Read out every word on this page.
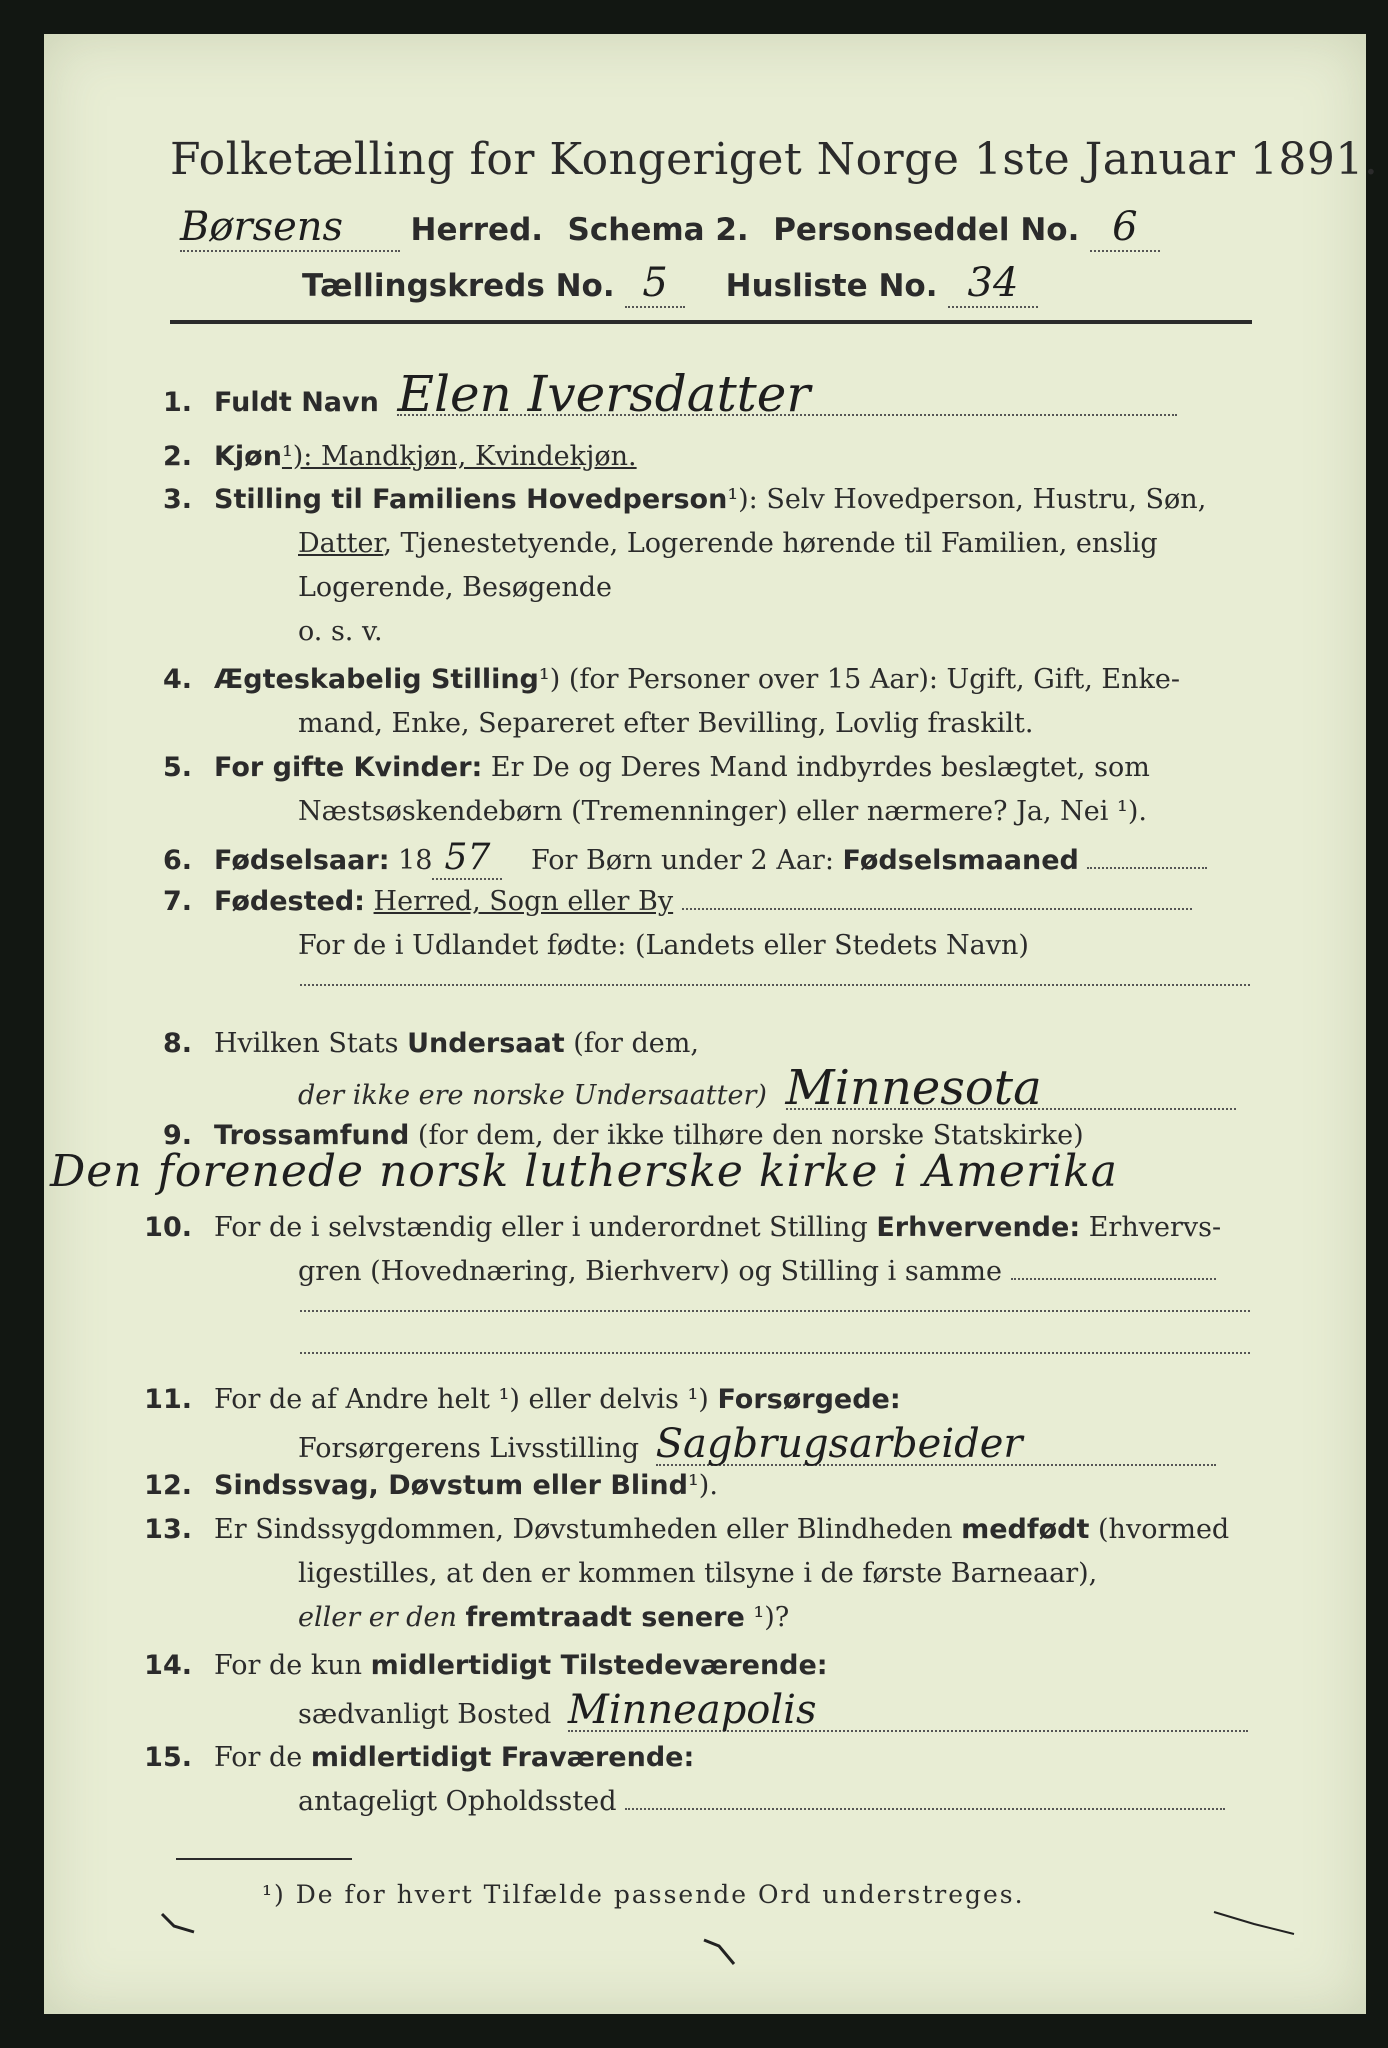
Folketælling for Kongeriget Norge 1ste Januar 1891.
Børsens Herred. Schema 2. Personseddel No. 6
Tællingskreds No. 5 Husliste No. 34
1. Fuldt Navn Elen Iversdatter
2. Kjøn¹): Mandkjøn, Kvindekjøn.
3. Stilling til Familiens Hovedperson¹): Selv Hovedperson, Hustru, Søn,
Datter, Tjenestetyende, Logerende hørende til Familien, enslig
Logerende, Besøgende
o. s. v.
4. Ægteskabelig Stilling¹) (for Personer over 15 Aar): Ugift, Gift, Enke-
mand, Enke, Separeret efter Bevilling, Lovlig fraskilt.
5. For gifte Kvinder: Er De og Deres Mand indbyrdes beslægtet, som
Næstsøskendebørn (Tremenninger) eller nærmere? Ja, Nei ¹).
6. Fødselsaar: 18 57 For Børn under 2 Aar: Fødselsmaaned
7. Fødested: Herred, Sogn eller By
For de i Udlandet fødte: (Landets eller Stedets Navn)
8. Hvilken Stats Undersaat (for dem,
der ikke ere norske Undersaatter) Minnesota
9. Trossamfund (for dem, der ikke tilhøre den norske Statskirke)
Den forenede norsk lutherske kirke i Amerika
10. For de i selvstændig eller i underordnet Stilling Erhvervende: Erhvervs-
gren (Hovednæring, Bierhverv) og Stilling i samme
11. For de af Andre helt ¹) eller delvis ¹) Forsørgede:
Forsørgerens Livsstilling Sagbrugsarbeider
12. Sindssvag, Døvstum eller Blind¹).
13. Er Sindssygdommen, Døvstumheden eller Blindheden medfødt (hvormed
ligestilles, at den er kommen tilsyne i de første Barneaar),
eller er den fremtraadt senere ¹)?
14. For de kun midlertidigt Tilstedeværende:
sædvanligt Bosted Minneapolis
15. For de midlertidigt Fraværende:
antageligt Opholdssted
¹) De for hvert Tilfælde passende Ord understreges.
